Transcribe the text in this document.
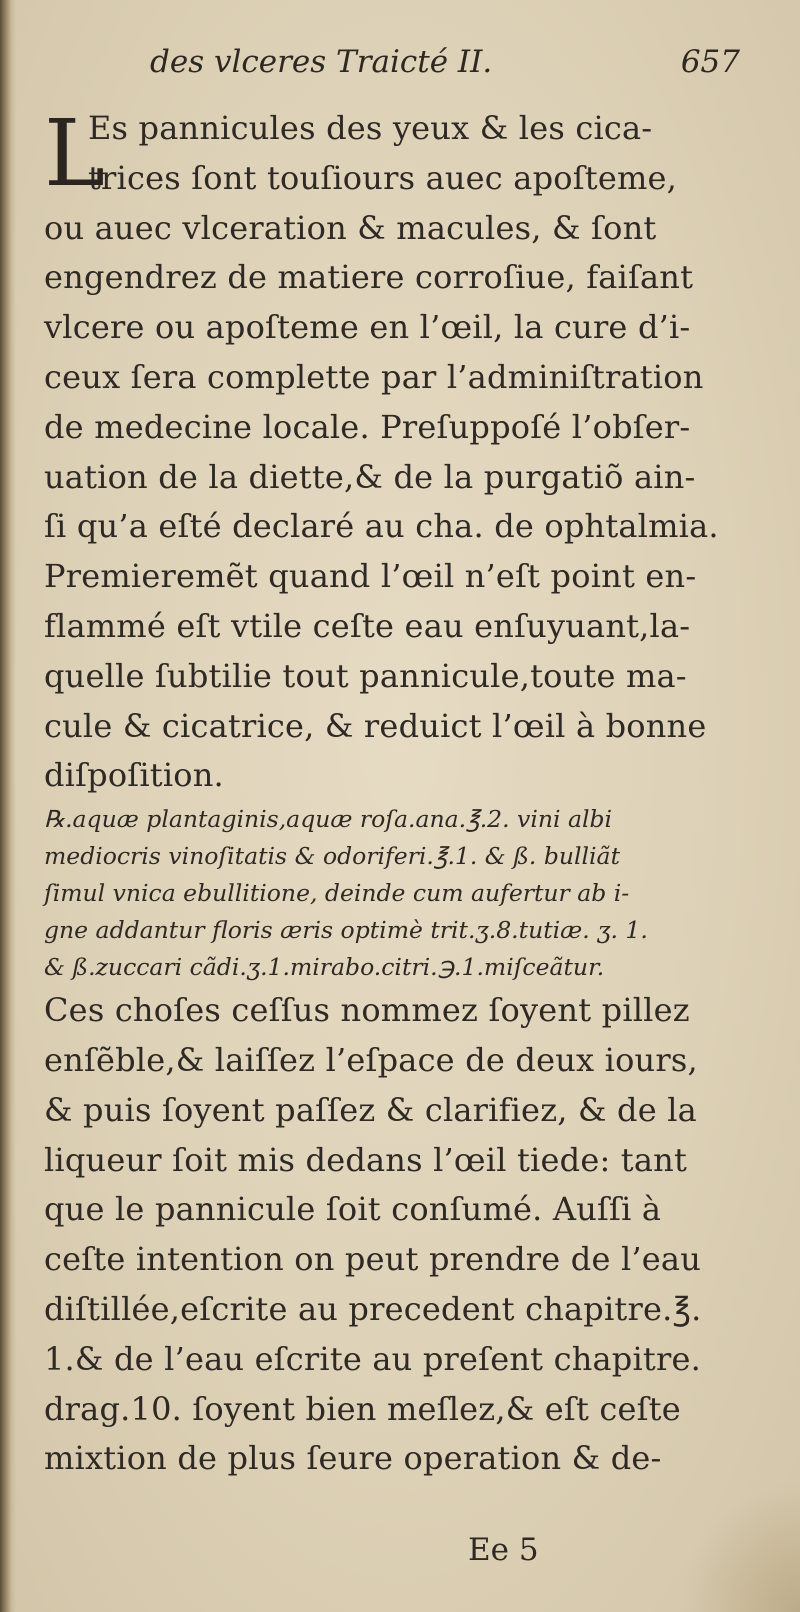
des vlceres Traicté II.	657
L
Es pannicules des yeux & les cica-
trices ſont touſiours auec apoſteme,
ou auec vlceration & macules, & ſont
engendrez de matiere corroſiue, faiſant
vlcere ou apoſteme en l’œil, la cure d’i-
ceux ſera complette par l’adminiſtration
de medecine locale. Preſuppoſé l’obſer-
uation de la diette,& de la purgatiõ ain-
ſi qu’a eſté declaré au cha. de ophtalmia.
Premieremẽt quand l’œil n’eſt point en-
flammé eſt vtile ceſte eau enſuyuant,la-
quelle ſubtilie tout pannicule,toute ma-
cule & cicatrice, & reduict l’œil à bonne
diſpoſition.
℞.aquæ plantaginis,aquæ roſa.ana.℥.2. vini albi
mediocris vinoſitatis & odoriferi.℥.1. & ß. bulliãt
ſimul vnica ebullitione, deinde cum aufertur ab i-
gne addantur floris æris optimè trit.ʒ.8.tutiæ. ʒ. 1.
& ß.zuccari cãdi.ʒ.1.mirabo.citri.℈.1.miſceãtur.
Ces choſes ceſſus nommez ſoyent pillez
enſẽble,& laiſſez l’eſpace de deux iours,
& puis ſoyent paſſez & clarifiez, & de la
liqueur ſoit mis dedans l’œil tiede: tant
que le pannicule ſoit conſumé. Auſſi à
ceſte intention on peut prendre de l’eau
diſtillée,eſcrite au precedent chapitre.℥.
1.& de l’eau eſcrite au preſent chapitre.
drag.10. ſoyent bien meſlez,& eſt ceſte
mixtion de plus ſeure operation & de-
Ee 5
